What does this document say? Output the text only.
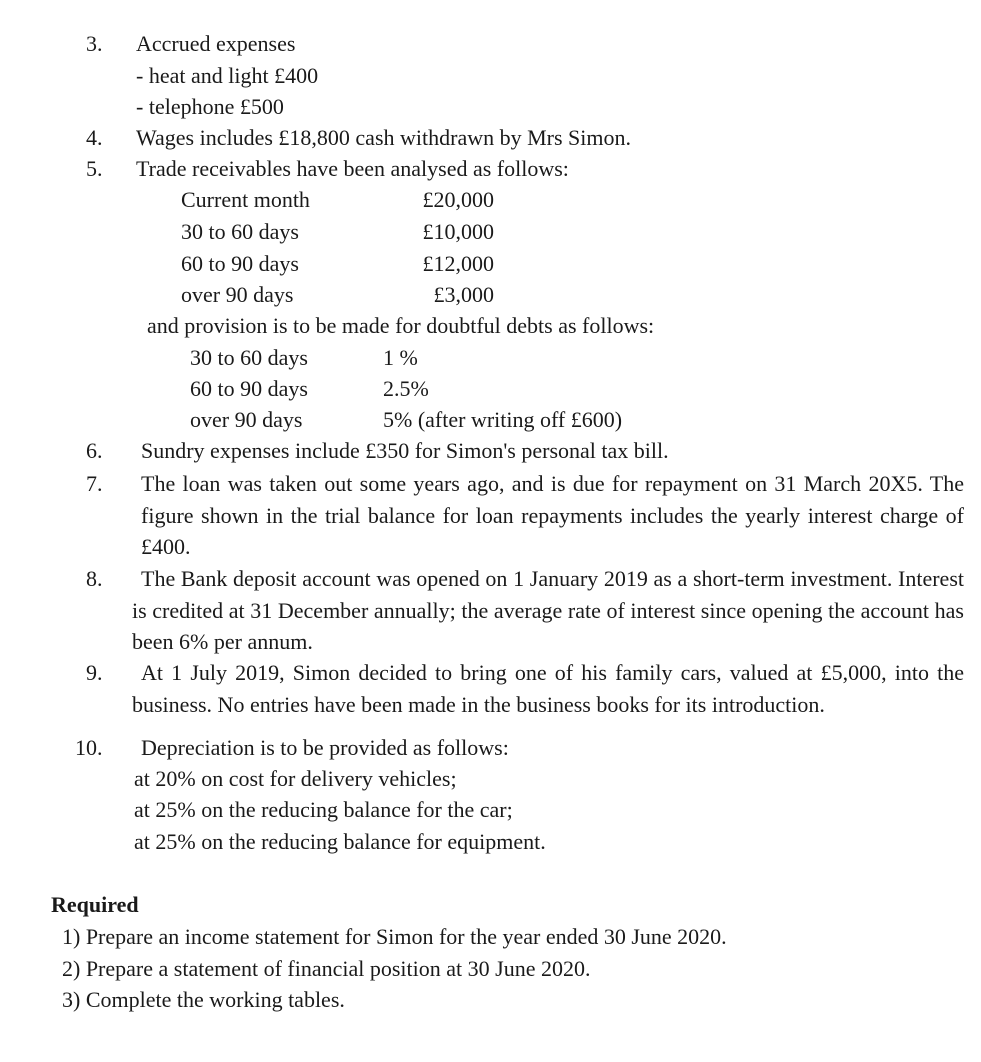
3. Accrued expenses
- heat and light £400
- telephone £500
4. Wages includes £18,800 cash withdrawn by Mrs Simon.
5. Trade receivables have been analysed as follows:
Current month	£20,000
30 to 60 days	£10,000
60 to 90 days	£12,000
over 90 days	£3,000
and provision is to be made for doubtful debts as follows:
30 to 60 days	1 %
60 to 90 days	2.5%
over 90 days	5% (after writing off £600)
6. Sundry expenses include £350 for Simon's personal tax bill.
7. The loan was taken out some years ago, and is due for repayment on 31 March 20X5. The figure shown in the trial balance for loan repayments includes the yearly interest charge of £400.
8.	The Bank deposit account was opened on 1 January 2019 as a short-term investment. Interest is credited at 31 December annually; the average rate of interest since opening the account has been 6% per annum.
9.	At 1 July 2019, Simon decided to bring one of his family cars, valued at £5,000, into the business. No entries have been made in the business books for its introduction.
10. Depreciation is to be provided as follows:
at 20% on cost for delivery vehicles;
at 25% on the reducing balance for the car;
at 25% on the reducing balance for equipment.
Required
1) Prepare an income statement for Simon for the year ended 30 June 2020.
2) Prepare a statement of financial position at 30 June 2020.
3) Complete the working tables.
